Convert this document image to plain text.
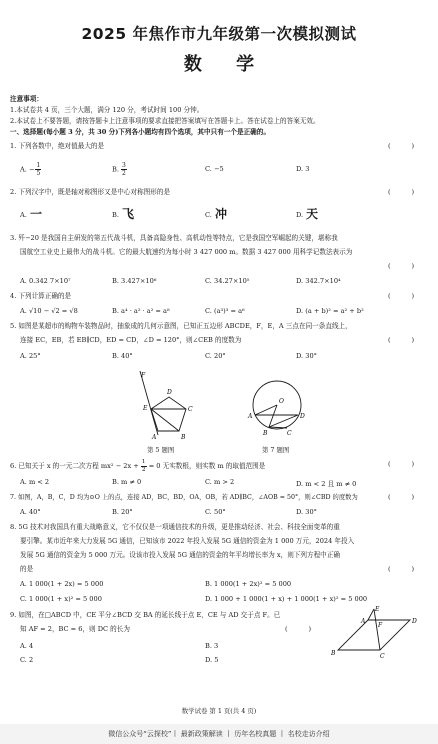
2025 年焦作市九年级第一次模拟测试
数 学
注意事项：
1.本试卷共 4 页，三个大题，满分 120 分，考试时间 100 分钟。
2.本试卷上不要答题，请按答题卡上注意事项的要求直接把答案填写在答题卡上。答在试卷上的答案无效。
一、选择题(每小题 3 分，共 30 分)下列各小题均有四个选项，其中只有一个是正确的。
1. 下列各数中，绝对值最大的是	(          )
A. − $\frac{1}{5}$	B. $\frac{3}{2}$	C. −5	D. 3
2. 下列汉字中，既是轴对称图形又是中心对称图形的是	(          )
A. 一	B. 飞	C. 冲	D. 天
3. 歼−20 是我国自主研发的第五代战斗机，具备高隐身性、高机动性等特点，它是我国空军崛起的关键，堪称我
国航空工业史上最伟大的战斗机。它的最大航速约为每小时 3 427 000 m。数据 3 427 000 用科学记数法表示为
(          )
A. 0.342 7×10⁷	B. 3.427×10⁶	C. 34.27×10⁵	D. 342.7×10⁴
4. 下列计算正确的是	(          )
A. √10 − √2 = √8	B. a⁴ · a² · a² = a⁸	C. (a³)³ = a⁶	D. (a + b)² = a² + b²
5. 如图是某超市的购物车装物品时，抽象成的几何示意图，已知正五边形 ABCDE，F，E，A 三点在同一条直线上，
连接 EC，EB，若 EB∥CD，ED = CD，∠D = 120°，则∠CEB 的度数为	(          )
A. 25°	B. 40°	C. 20°	D. 30°
F
E
D
C
B
A
第 5 题图
O
A	D
B	C
第 7 题图
6. 已知关于 x 的一元二次方程 $mx^2 - 2x + \frac{1}{2} = 0$ 无实数根，则实数 m 的取值范围是	(          )
A. m < 2	B. m ≠ 0	C. m > 2	D. m < 2 且 m ≠ 0
7. 如图，A，B，C，D 均为⊙O 上的点，连接 AD，BC，BD，OA，OB，若 AD∥BC，∠AOB = 50°，则∠CBD 的度数为	(          )
A. 40°	B. 20°	C. 50°	D. 30°
8. 5G 技术对我国具有重大战略意义，它不仅仅是一项通信技术的升级，更是推动经济、社会、科技全面变革的重
要引擎。某市近年来大力发展 5G 通信，已知该市 2022 年投入发展 5G 通信的资金为 1 000 万元，2024 年投入
发展 5G 通信的资金为 5 000 万元。设该市投入发展 5G 通信的资金的年平均增长率为 x，则下列方程中正确
的是	(          )
A. 1 000(1 + 2x) = 5 000	B. 1 000(1 + 2x)² = 5 000
C. 1 000(1 + x)² = 5 000	D. 1 000 + 1 000(1 + x) + 1 000(1 + x)² = 5 000
9. 如图，在□ABCD 中，CE 平分∠BCD 交 BA 的延长线于点 E，CE 与 AD 交于点 F。已
知 AF = 2，BC = 6，则 DC 的长为	(          )
A. 4	B. 3
C. 2	D. 5
E
A
F
D
B	C
数学试卷 第 1 页(共 4 页)
微信公众号“云探校”丨 最新政策解读 丨 历年名校真题 丨 名校走访介绍
